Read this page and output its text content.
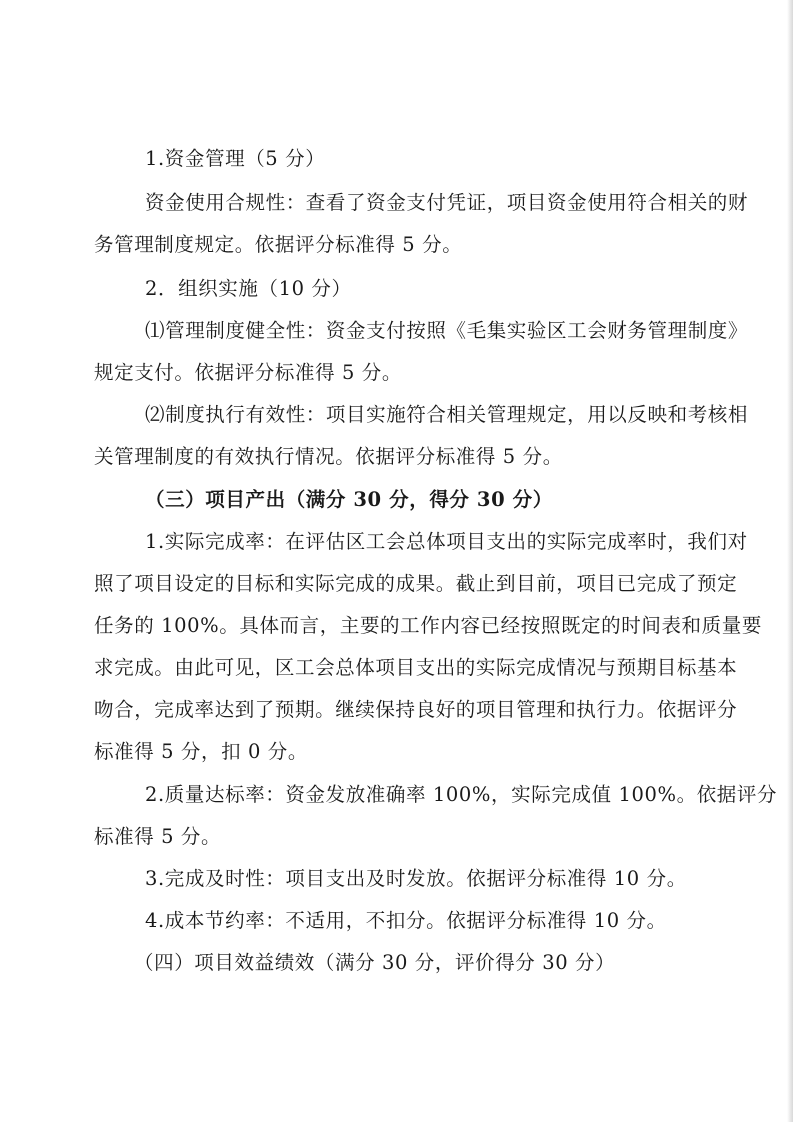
1.资金管理（5 分）
资金使用合规性：查看了资金支付凭证，项目资金使用符合相关的财
务管理制度规定。依据评分标准得 5 分。
2．组织实施（10 分）
⑴管理制度健全性：资金支付按照《毛集实验区工会财务管理制度》
规定支付。依据评分标准得 5 分。
⑵制度执行有效性：项目实施符合相关管理规定，用以反映和考核相
关管理制度的有效执行情况。依据评分标准得 5 分。
（三）项目产出（满分 30 分，得分 30 分）
1.实际完成率：在评估区工会总体项目支出的实际完成率时，我们对
照了项目设定的目标和实际完成的成果。截止到目前，项目已完成了预定
任务的 100%。具体而言，主要的工作内容已经按照既定的时间表和质量要
求完成。由此可见，区工会总体项目支出的实际完成情况与预期目标基本
吻合，完成率达到了预期。继续保持良好的项目管理和执行力。依据评分
标准得 5 分，扣 0 分。
2.质量达标率：资金发放准确率 100%，实际完成值 100%。依据评分
标准得 5 分。
3.完成及时性：项目支出及时发放。依据评分标准得 10 分。
4.成本节约率：不适用，不扣分。依据评分标准得 10 分。
（四）项目效益绩效（满分 30 分，评价得分 30 分）
